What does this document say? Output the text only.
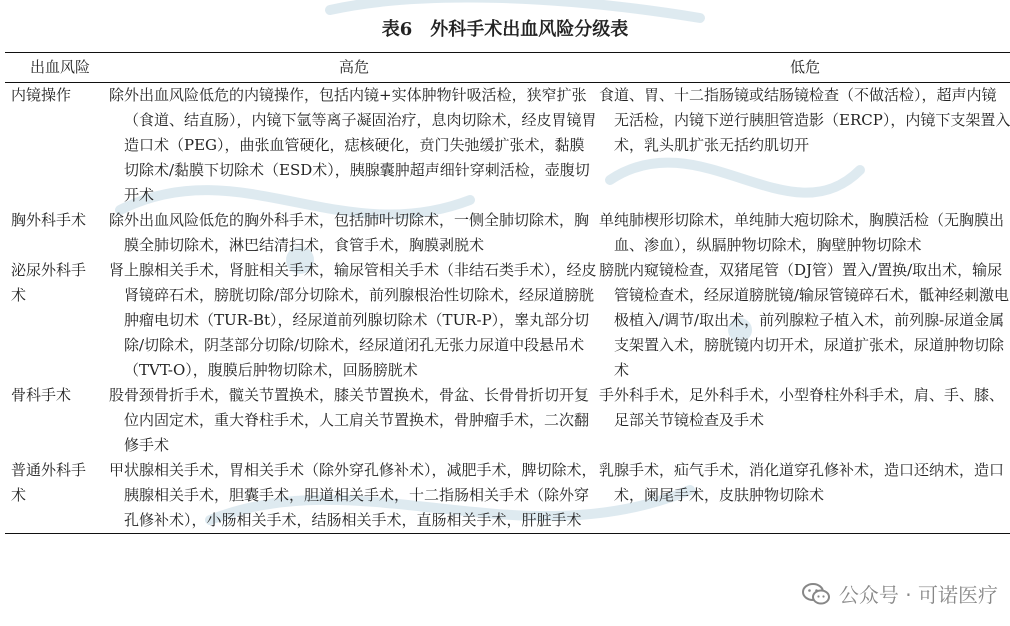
表6 外科手术出血风险分级表
出血风险	高危	低危

内镜操作	除外出血风险低危的内镜操作，包括内镜+实体肿物针吸活检，狭窄扩张（食道、结直肠），内镜下氩等离子凝固治疗，息肉切除术，经皮胃镜胃造口术（PEG），曲张血管硬化，痣核硬化，贲门失弛缓扩张术，黏膜切除术/黏膜下切除术（ESD术），胰腺囊肿超声细针穿刺活检，壶腹切开术	食道、胃、十二指肠镜或结肠镜检查（不做活检），超声内镜无活检，内镜下逆行胰胆管造影（ERCP），内镜下支架置入术，乳头肌扩张无括约肌切开

胸外科手术	除外出血风险低危的胸外科手术，包括肺叶切除术，一侧全肺切除术，胸膜全肺切除术，淋巴结清扫术，食管手术，胸膜剥脱术	单纯肺楔形切除术，单纯肺大疱切除术，胸膜活检（无胸膜出血、渗血），纵膈肿物切除术，胸壁肿物切除术

泌尿外科手术	肾上腺相关手术，肾脏相关手术，输尿管相关手术（非结石类手术），经皮肾镜碎石术，膀胱切除/部分切除术，前列腺根治性切除术，经尿道膀胱肿瘤电切术（TUR-Bt），经尿道前列腺切除术（TUR-P），睾丸部分切除/切除术，阴茎部分切除/切除术，经尿道闭孔无张力尿道中段悬吊术（TVT-O），腹膜后肿物切除术，回肠膀胱术	膀胱内窥镜检查，双猪尾管（DJ管）置入/置换/取出术，输尿管镜检查术，经尿道膀胱镜/输尿管镜碎石术，骶神经刺激电极植入/调节/取出术，前列腺粒子植入术，前列腺-尿道金属支架置入术，膀胱镜内切开术，尿道扩张术，尿道肿物切除术

骨科手术	股骨颈骨折手术，髋关节置换术，膝关节置换术，骨盆、长骨骨折切开复位内固定术，重大脊柱手术，人工肩关节置换术，骨肿瘤手术，二次翻修手术	手外科手术，足外科手术，小型脊柱外科手术，肩、手、膝、足部关节镜检查及手术

普通外科手术	甲状腺相关手术，胃相关手术（除外穿孔修补术），减肥手术，脾切除术，胰腺相关手术，胆囊手术，胆道相关手术，十二指肠相关手术（除外穿孔修补术），小肠相关手术，结肠相关手术，直肠相关手术，肝脏手术	乳腺手术，疝气手术，消化道穿孔修补术，造口还纳术，造口术，阑尾手术，皮肤肿物切除术
公众号 · 可诺医疗
